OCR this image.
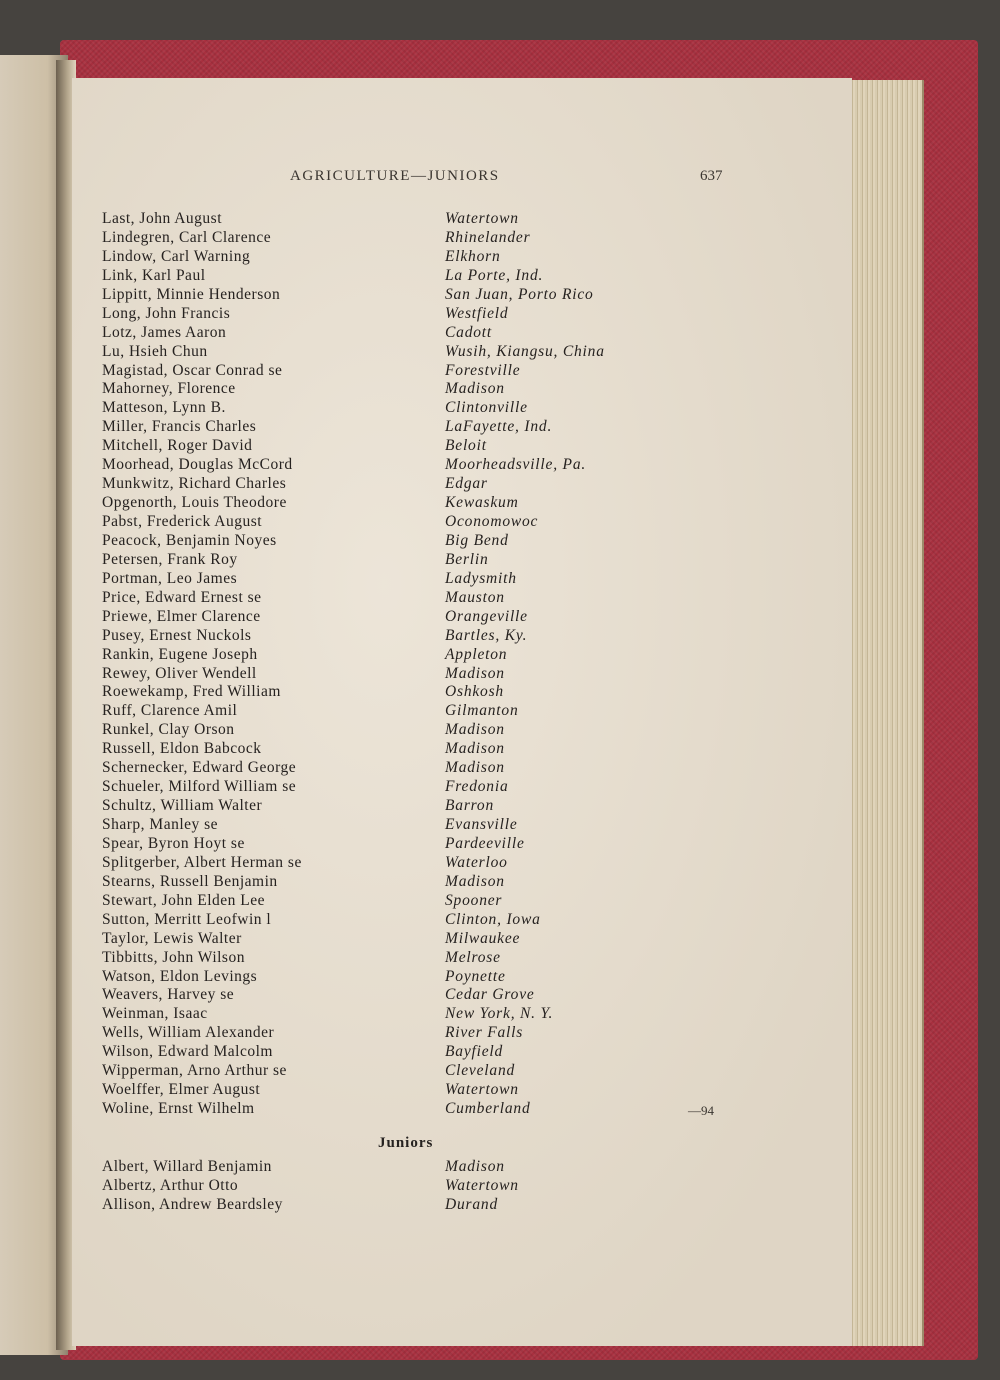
AGRICULTURE—JUNIORS	637
Last, John August	Watertown
Lindegren, Carl Clarence	Rhinelander
Lindow, Carl Warning	Elkhorn
Link, Karl Paul	La Porte, Ind.
Lippitt, Minnie Henderson	San Juan, Porto Rico
Long, John Francis	Westfield
Lotz, James Aaron	Cadott
Lu, Hsieh Chun	Wusih, Kiangsu, China
Magistad, Oscar Conrad se	Forestville
Mahorney, Florence	Madison
Matteson, Lynn B.	Clintonville
Miller, Francis Charles	LaFayette, Ind.
Mitchell, Roger David	Beloit
Moorhead, Douglas McCord	Moorheadsville, Pa.
Munkwitz, Richard Charles	Edgar
Opgenorth, Louis Theodore	Kewaskum
Pabst, Frederick August	Oconomowoc
Peacock, Benjamin Noyes	Big Bend
Petersen, Frank Roy	Berlin
Portman, Leo James	Ladysmith
Price, Edward Ernest se	Mauston
Priewe, Elmer Clarence	Orangeville
Pusey, Ernest Nuckols	Bartles, Ky.
Rankin, Eugene Joseph	Appleton
Rewey, Oliver Wendell	Madison
Roewekamp, Fred William	Oshkosh
Ruff, Clarence Amil	Gilmanton
Runkel, Clay Orson	Madison
Russell, Eldon Babcock	Madison
Schernecker, Edward George	Madison
Schueler, Milford William se	Fredonia
Schultz, William Walter	Barron
Sharp, Manley se	Evansville
Spear, Byron Hoyt se	Pardeeville
Splitgerber, Albert Herman se	Waterloo
Stearns, Russell Benjamin	Madison
Stewart, John Elden Lee	Spooner
Sutton, Merritt Leofwin l	Clinton, Iowa
Taylor, Lewis Walter	Milwaukee
Tibbitts, John Wilson	Melrose
Watson, Eldon Levings	Poynette
Weavers, Harvey se	Cedar Grove
Weinman, Isaac	New York, N. Y.
Wells, William Alexander	River Falls
Wilson, Edward Malcolm	Bayfield
Wipperman, Arno Arthur se	Cleveland
Woelffer, Elmer August	Watertown
Woline, Ernst Wilhelm	Cumberland	—94
Juniors
Albert, Willard Benjamin	Madison
Albertz, Arthur Otto	Watertown
Allison, Andrew Beardsley	Durand
